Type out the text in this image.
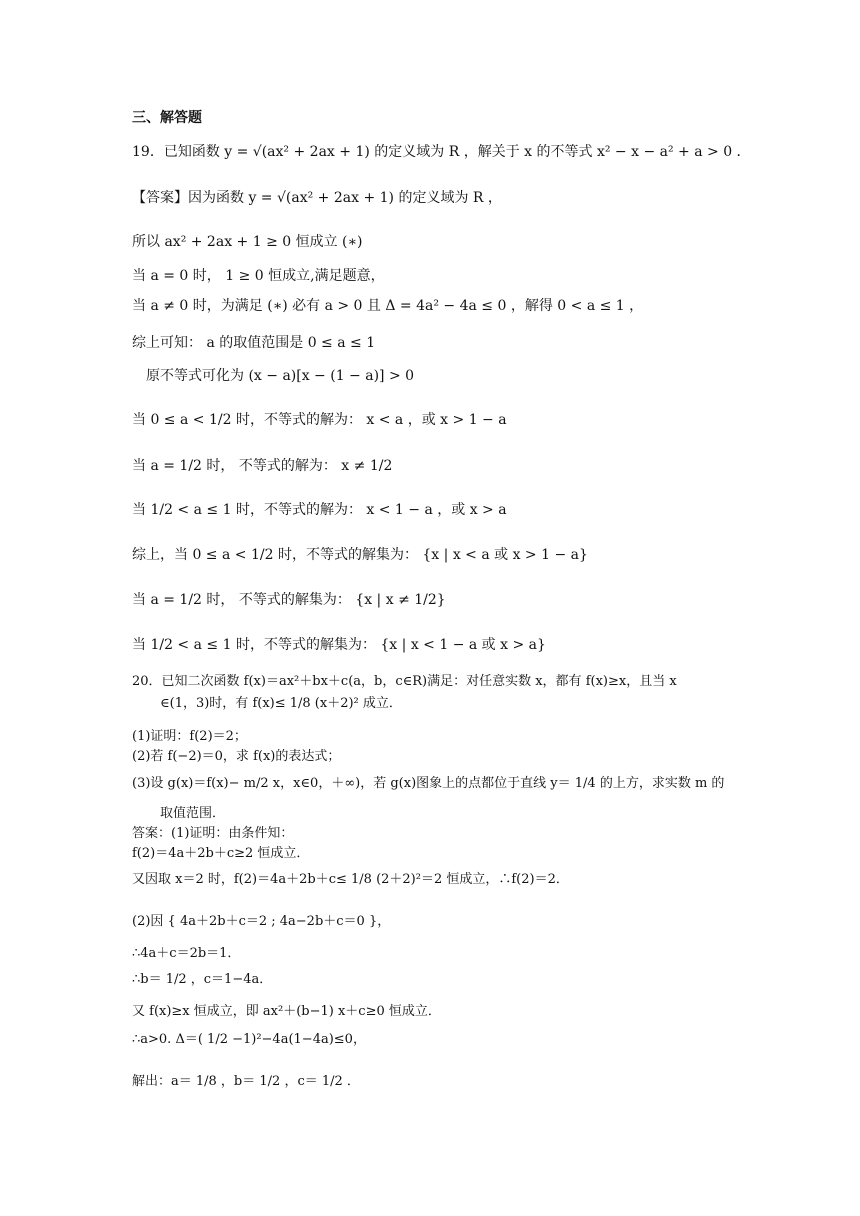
三、解答题
19．已知函数 y = √(ax² + 2ax + 1) 的定义域为 R ，解关于 x 的不等式 x² − x − a² + a > 0 ．
【答案】因为函数 y = √(ax² + 2ax + 1) 的定义域为 R ，
所以 ax² + 2ax + 1 ≥ 0 恒成立 (∗)
当 a = 0 时， 1 ≥ 0 恒成立,满足题意，
当 a ≠ 0 时，为满足 (∗) 必有 a > 0 且 Δ = 4a² − 4a ≤ 0 ，解得 0 < a ≤ 1 ，
综上可知： a 的取值范围是 0 ≤ a ≤ 1
原不等式可化为 (x − a)[x − (1 − a)] > 0
当 0 ≤ a < 1/2 时，不等式的解为： x < a ，或 x > 1 − a
当 a = 1/2 时， 不等式的解为： x ≠ 1/2
当 1/2 < a ≤ 1 时，不等式的解为： x < 1 − a ，或 x > a
综上，当 0 ≤ a < 1/2 时，不等式的解集为： {x | x < a 或 x > 1 − a}
当 a = 1/2 时， 不等式的解集为： {x | x ≠ 1/2}
当 1/2 < a ≤ 1 时，不等式的解集为： {x | x < 1 − a 或 x > a}
20．已知二次函数 f(x)＝ax²＋bx＋c(a，b，c∈R)满足：对任意实数 x，都有 f(x)≥x，且当 x
∈(1，3)时，有 f(x)≤ 1/8 (x＋2)² 成立．
(1)证明：f(2)＝2；
(2)若 f(−2)＝0，求 f(x)的表达式；
(3)设 g(x)＝f(x)− m/2 x，x∈0，＋∞)，若 g(x)图象上的点都位于直线 y＝ 1/4 的上方，求实数 m 的
取值范围．
答案：(1)证明：由条件知：
f(2)＝4a＋2b＋c≥2 恒成立．
又因取 x＝2 时，f(2)＝4a＋2b＋c≤ 1/8 (2＋2)²＝2 恒成立，∴f(2)＝2．
(2)因 { 4a＋2b＋c＝2 ; 4a−2b＋c＝0 }，
∴4a＋c＝2b＝1．
∴b＝ 1/2 ，c＝1−4a．
又 f(x)≥x 恒成立，即 ax²＋(b−1) x＋c≥0 恒成立．
∴a>0. Δ＝( 1/2 −1)²−4a(1−4a)≤0，
解出：a＝ 1/8 ，b＝ 1/2 ，c＝ 1/2 ．
